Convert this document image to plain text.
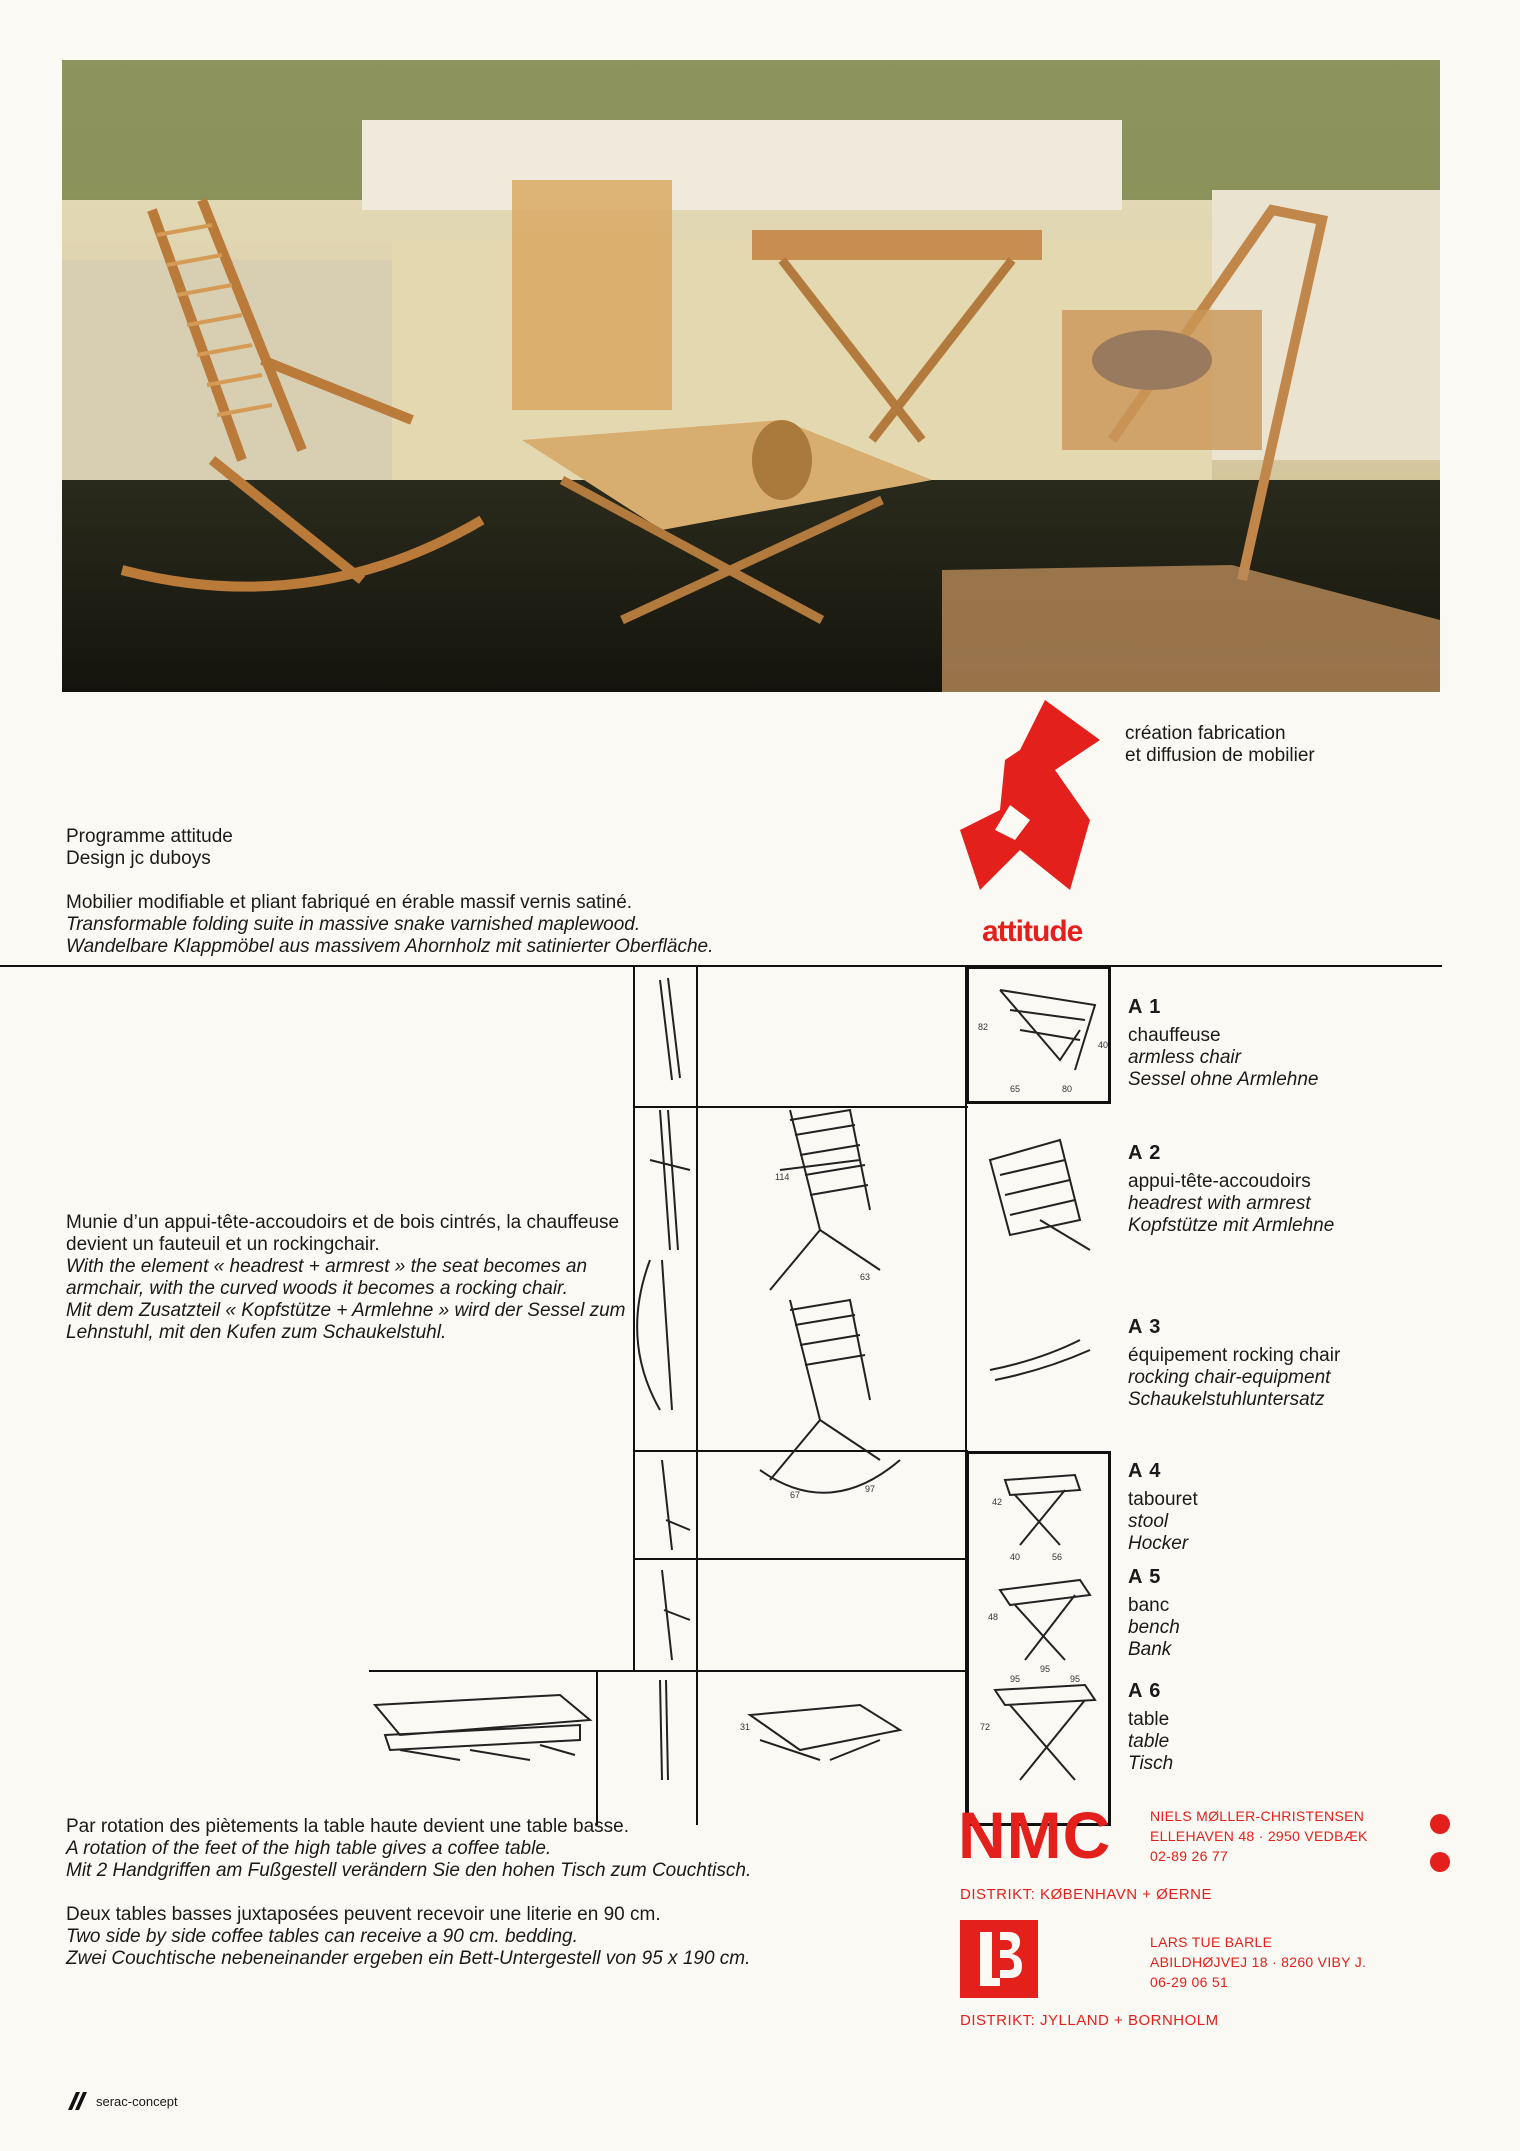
attitude
création fabrication
et diffusion de mobilier
Programme attitude
Design jc duboys
Mobilier modifiable et pliant fabriqué en érable massif vernis satiné.
Transformable folding suite in massive snake varnished maplewood.
Wandelbare Klappmöbel aus massivem Ahornholz mit satinierter Oberfläche.
82
40
65	80
114
63
67
97
42
40	56
48
95
95	95
72
31
A 1

chauffeuse

armless chair

Sessel ohne Armlehne

A 2

appui-tête-accoudoirs

headrest with armrest

Kopfstütze mit Armlehne

A 3

équipement rocking chair

rocking chair-equipment

Schaukelstuhluntersatz

A 4

tabouret

stool

Hocker

A 5

banc

bench

Bank

A 6

table

table

Tisch

Munie d’un appui-tête-accoudoirs et de bois cintrés, la chauffeuse devient un fauteuil et un rockingchair.
With the element « headrest + armrest » the seat becomes an armchair, with the curved woods it becomes a rocking chair.
Mit dem Zusatzteil « Kopfstütze + Armlehne » wird der Sessel zum Lehnstuhl, mit den Kufen zum Schaukelstuhl.
Par rotation des piètements la table haute devient une table basse.
A rotation of the feet of the high table gives a coffee table.
Mit 2 Handgriffen am Fußgestell verändern Sie den hohen Tisch zum Couchtisch.
Deux tables basses juxtaposées peuvent recevoir une literie en 90 cm.
Two side by side coffee tables can receive a 90 cm. bedding.
Zwei Couchtische nebeneinander ergeben ein Bett-Untergestell von 95 x 190 cm.
NMC	NIELS MØLLER-CHRISTENSEN

ELLEHAVEN 48 · 2950 VEDBÆK

02-89 26 77

DISTRIKT: KØBENHAVN + ØERNE

LARS TUE BARLE

ABILDHØJVEJ 18 · 8260 VIBY J.

06-29 06 51

DISTRIKT: JYLLAND + BORNHOLM
serac-concept
